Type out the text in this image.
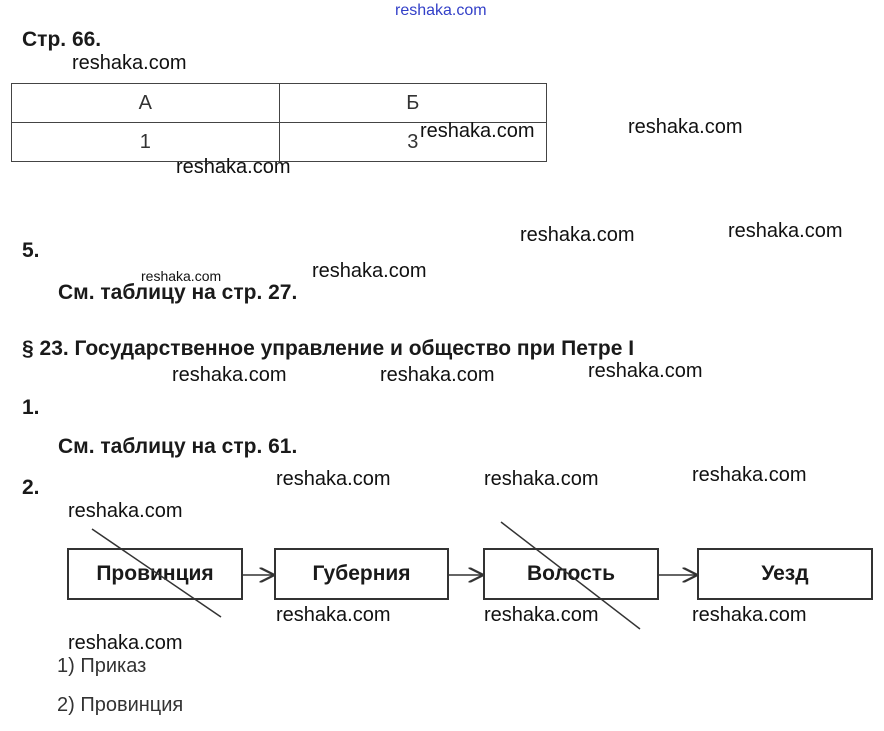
reshaka.com
Стр. 66.
А	Б
1	3
5.
См. таблицу на стр. 27.
§ 23. Государственное управление и общество при Петре I
1.
См. таблицу на стр. 61.
2.
Провинция	Губерния	Волость	Уезд
1) Приказ
2) Провинция
reshaka.com
reshaka.com	reshaka.com
reshaka.com
reshaka.com	reshaka.com
reshaka.com	reshaka.com
reshaka.com	reshaka.com	reshaka.com
reshaka.com	reshaka.com	reshaka.com
reshaka.com
reshaka.com	reshaka.com	reshaka.com
reshaka.com
